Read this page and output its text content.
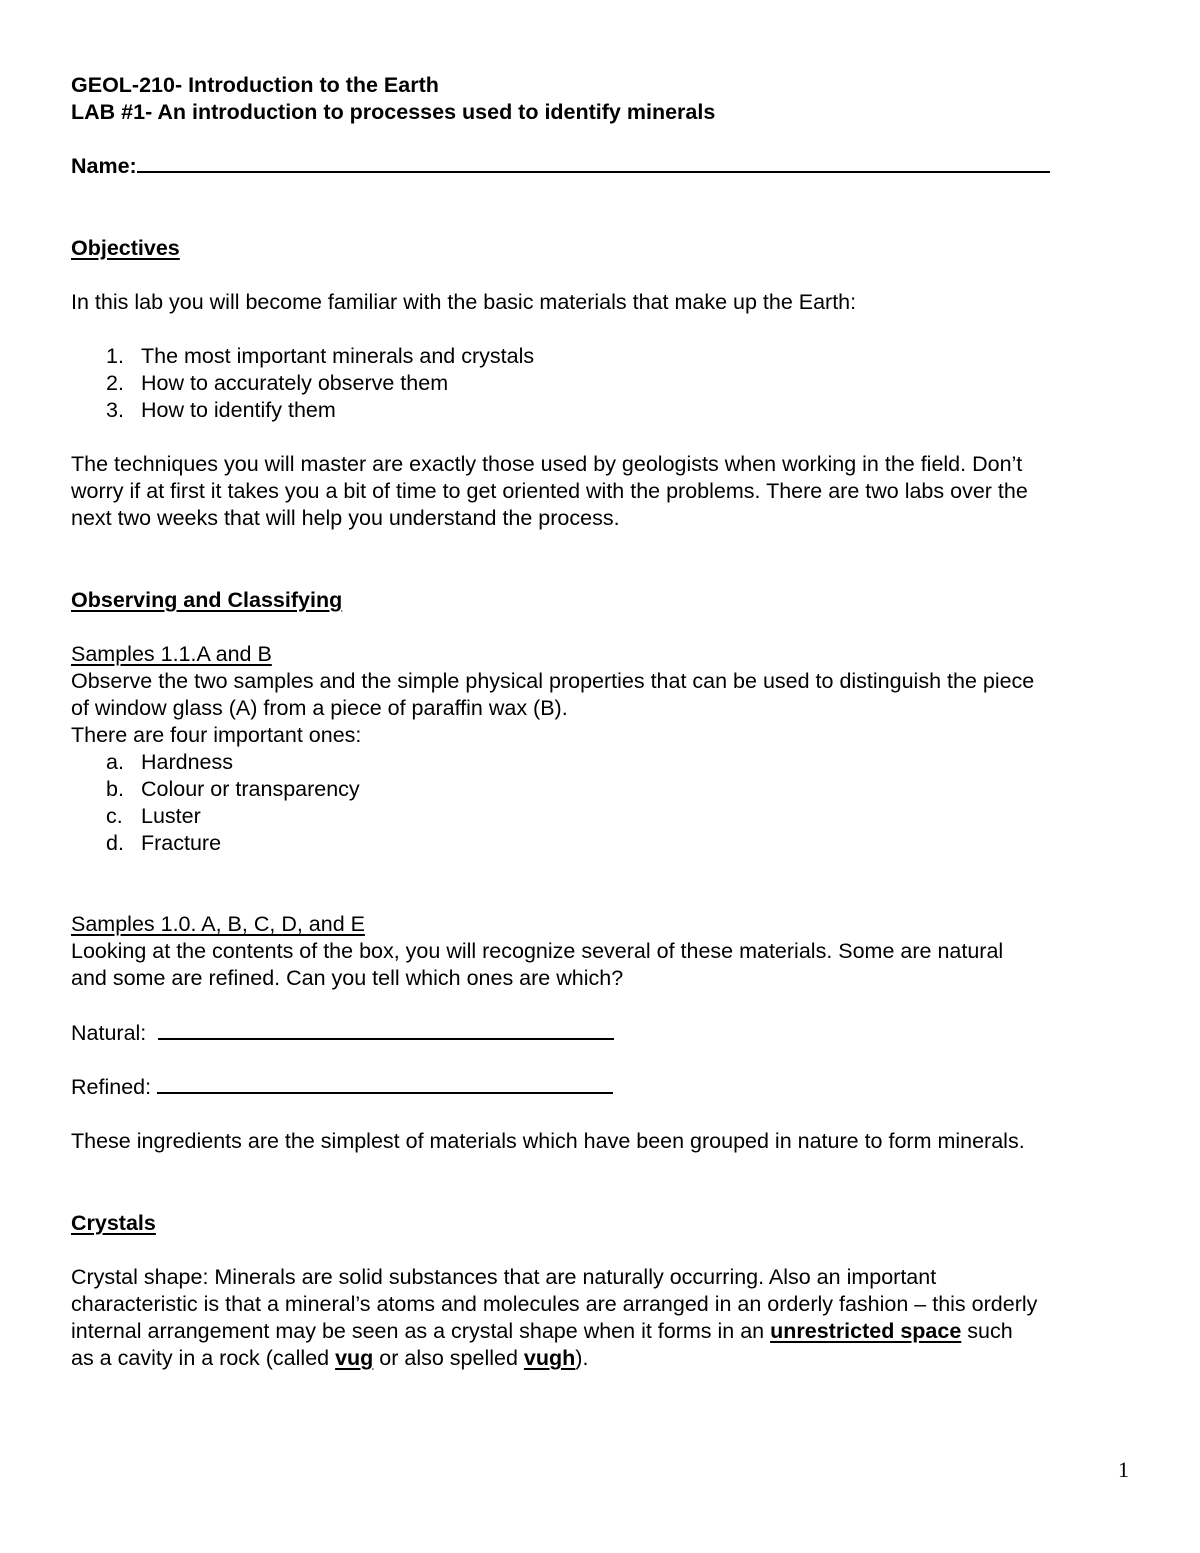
GEOL-210- Introduction to the Earth
LAB #1- An introduction to processes used to identify minerals
Name:
Objectives
In this lab you will become familiar with the basic materials that make up the Earth:
1. The most important minerals and crystals
2. How to accurately observe them
3. How to identify them
The techniques you will master are exactly those used by geologists when working in the field. Don’t
worry if at first it takes you a bit of time to get oriented with the problems. There are two labs over the
next two weeks that will help you understand the process.
Observing and Classifying
Samples 1.1.A and B
Observe the two samples and the simple physical properties that can be used to distinguish the piece
of window glass (A) from a piece of paraffin wax (B).
There are four important ones:
a. Hardness
b. Colour or transparency
c. Luster
d. Fracture
Samples 1.0. A, B, C, D, and E
Looking at the contents of the box, you will recognize several of these materials. Some are natural
and some are refined. Can you tell which ones are which?
Natural:
Refined:
These ingredients are the simplest of materials which have been grouped in nature to form minerals.
Crystals
Crystal shape: Minerals are solid substances that are naturally occurring. Also an important
characteristic is that a mineral’s atoms and molecules are arranged in an orderly fashion – this orderly
internal arrangement may be seen as a crystal shape when it forms in an unrestricted space such
as a cavity in a rock (called vug or also spelled vugh).
1
